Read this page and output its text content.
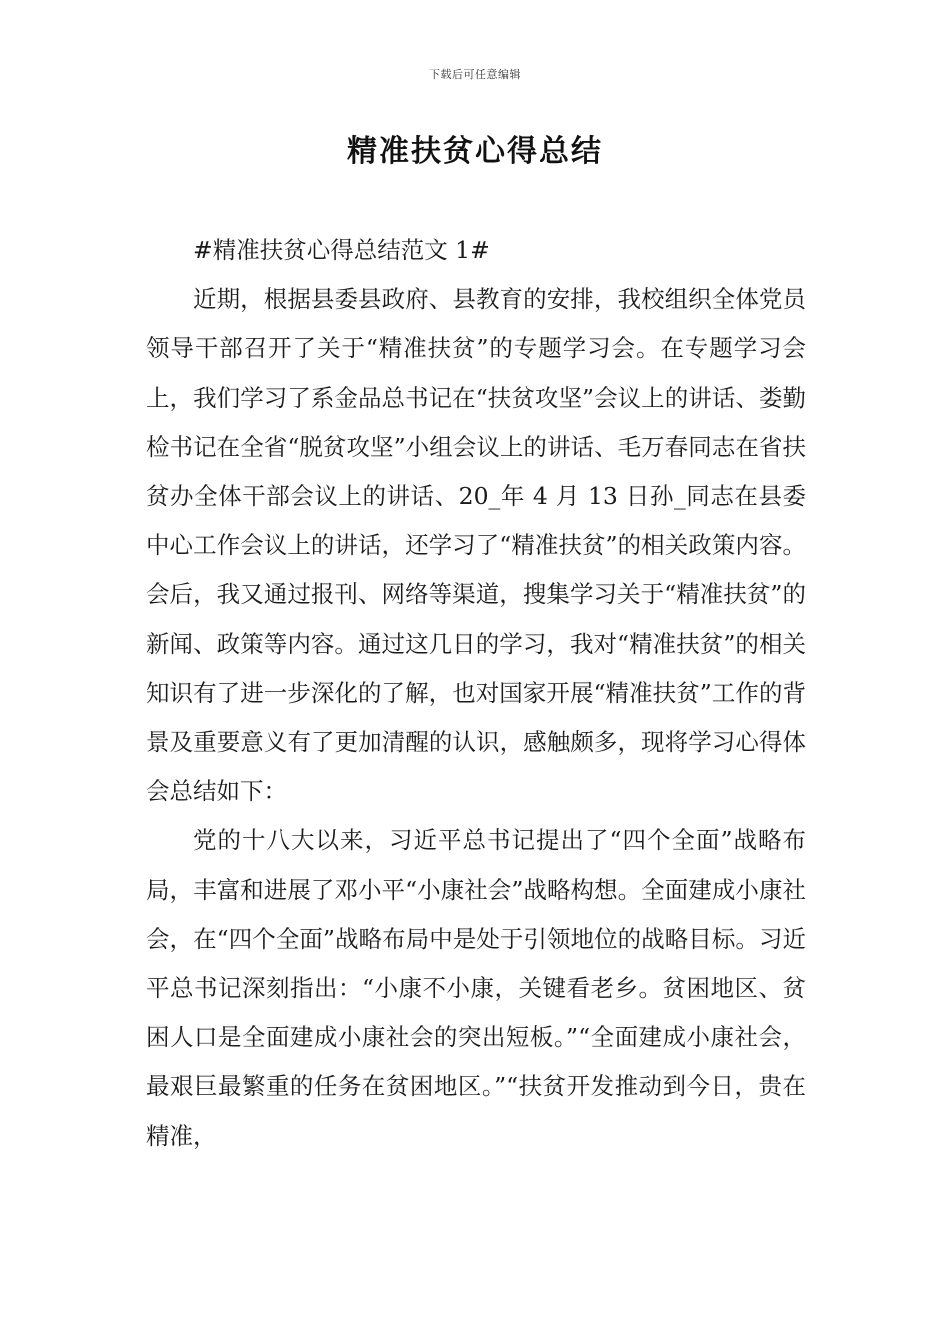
下载后可任意编辑
精准扶贫心得总结

#精准扶贫心得总结范文 1#

近期，根据县委县政府、县教育的安排，我校组织全体党员领导干部召开了关于“精准扶贫”的专题学习会。在专题学习会上，我们学习了系金品总书记在“扶贫攻坚”会议上的讲话、娄勤检书记在全省“脱贫攻坚”小组会议上的讲话、毛万春同志在省扶贫办全体干部会议上的讲话、20_年 4 月 13 日孙_同志在县委中心工作会议上的讲话，还学习了“精准扶贫”的相关政策内容。会后，我又通过报刊、网络等渠道，搜集学习关于“精准扶贫”的新闻、政策等内容。通过这几日的学习，我对“精准扶贫”的相关知识有了进一步深化的了解，也对国家开展“精准扶贫”工作的背景及重要意义有了更加清醒的认识，感触颇多，现将学习心得体会总结如下：

党的十八大以来，习近平总书记提出了“四个全面”战略布局，丰富和进展了邓小平“小康社会”战略构想。全面建成小康社会，在“四个全面”战略布局中是处于引领地位的战略目标。习近平总书记深刻指出：“小康不小康，关键看老乡。贫困地区、贫困人口是全面建成小康社会的突出短板。”“全面建成小康社会，最艰巨最繁重的任务在贫困地区。”“扶贫开发推动到今日，贵在精准，
